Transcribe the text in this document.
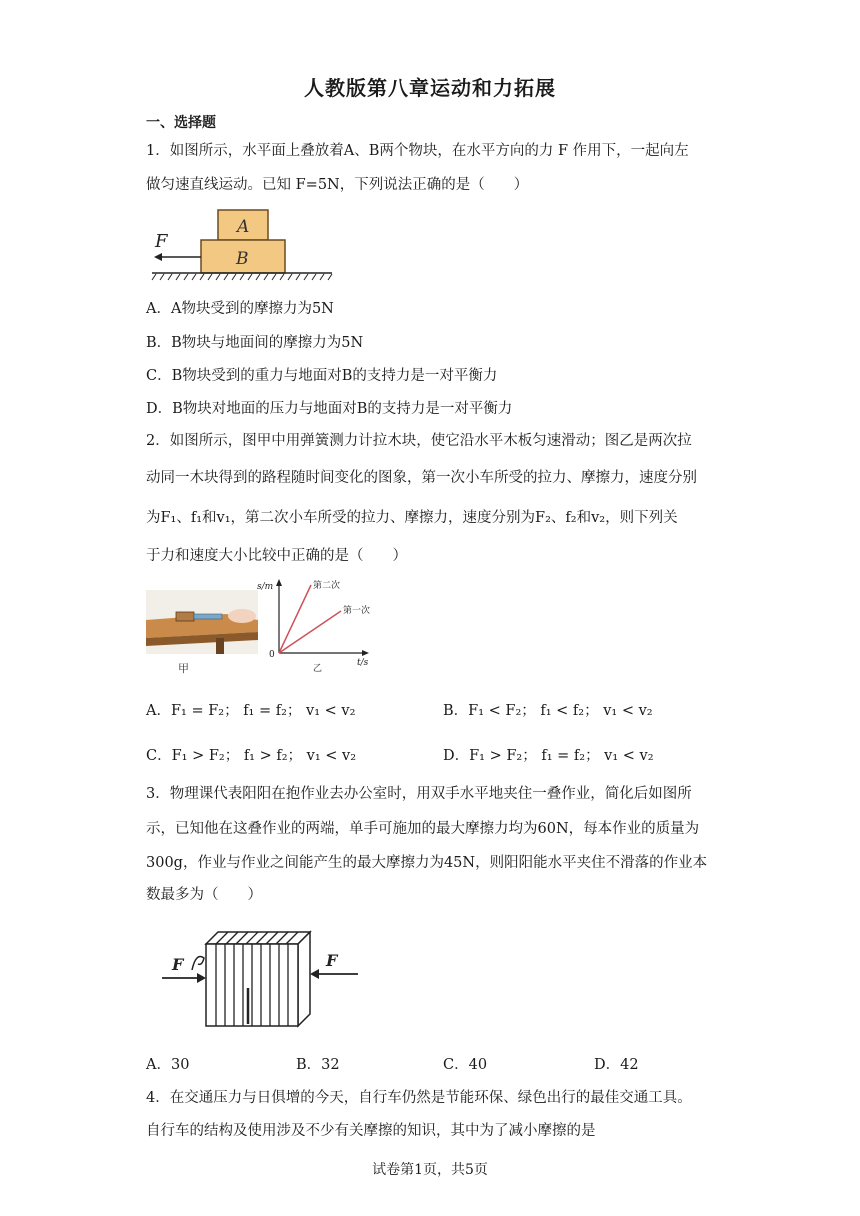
人教版第八章运动和力拓展
一、选择题
1．如图所示，水平面上叠放着A、B两个物块，在水平方向的力 F 作用下，一起向左
做匀速直线运动。已知 F=5N，下列说法正确的是（　　）
A
B
F
A．A物块受到的摩擦力为5N
B．B物块与地面间的摩擦力为5N
C．B物块受到的重力与地面对B的支持力是一对平衡力
D．B物块对地面的压力与地面对B的支持力是一对平衡力
2．如图所示，图甲中用弹簧测力计拉木块，使它沿水平木板匀速滑动；图乙是两次拉
动同一木块得到的路程随时间变化的图象，第一次小车所受的拉力、摩擦力，速度分别
为F₁、f₁和v₁，第二次小车所受的拉力、摩擦力，速度分别为F₂、f₂和v₂，则下列关
于力和速度大小比较中正确的是（　　）
甲
s/m
t/s
0
第二次
第一次
乙
A．F₁ = F₂； f₁ = f₂； v₁ < v₂	B．F₁ < F₂； f₁ < f₂； v₁ < v₂
C．F₁ > F₂； f₁ > f₂； v₁ < v₂	D．F₁ > F₂； f₁ = f₂； v₁ < v₂
3．物理课代表阳阳在抱作业去办公室时，用双手水平地夹住一叠作业，简化后如图所
示，已知他在这叠作业的两端，单手可施加的最大摩擦力均为60N，每本作业的质量为
300g，作业与作业之间能产生的最大摩擦力为45N，则阳阳能水平夹住不滑落的作业本
数最多为（　　）
F	F
A．30	B．32	C．40	D．42
4．在交通压力与日俱增的今天，自行车仍然是节能环保、绿色出行的最佳交通工具。
自行车的结构及使用涉及不少有关摩擦的知识，其中为了减小摩擦的是
试卷第1页，共5页
